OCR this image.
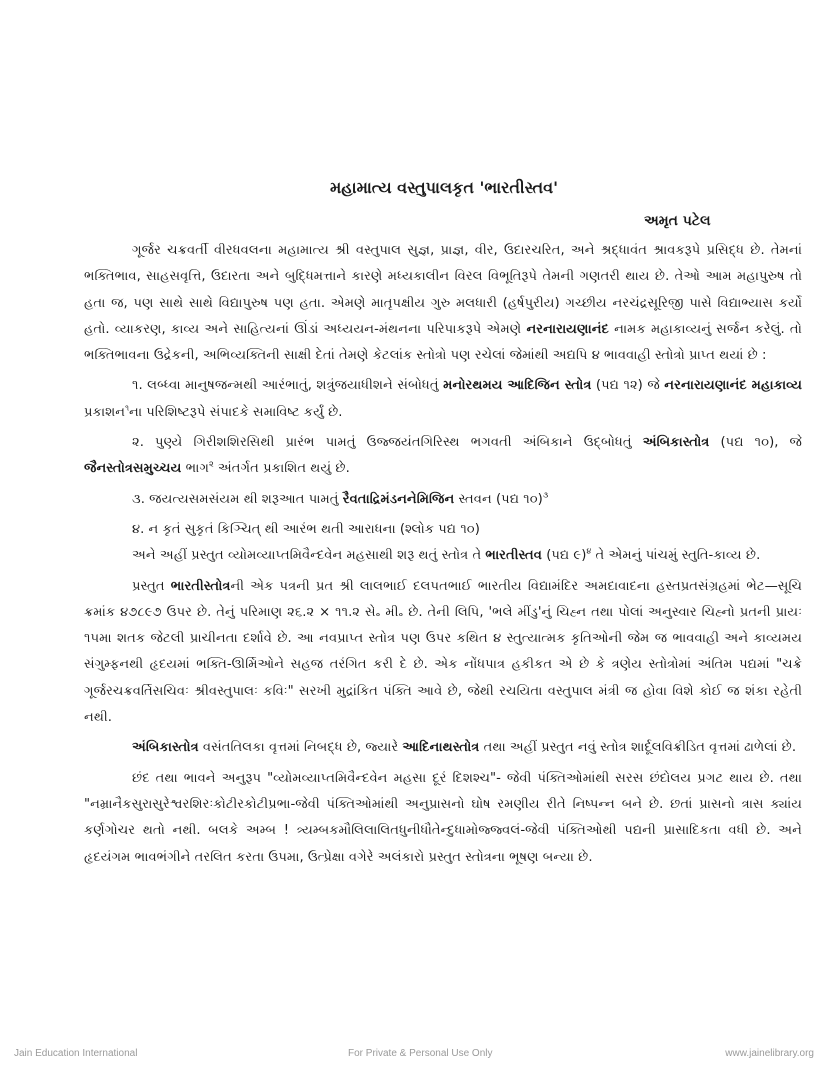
મહામાત્ય વસ્તુપાલકૃત 'ભારતીસ્તવ'
અમૃત પટેલ

ગૂર્જર ચક્રવર્તી વીરધવલના મહામાત્ય શ્રી વસ્તુપાલ સુજ્ઞ, પ્રાજ્ઞ, વીર, ઉદારચરિત, અને શ્રદ્ધાવંત શ્રાવકરૂપે પ્રસિદ્ધ છે. તેમનાં ભક્તિભાવ, સાહસવૃત્તિ, ઉદારતા અને બુદ્ધિમત્તાને કારણે મધ્યકાલીન વિરલ વિભૂતિરૂપે તેમની ગણતરી થાય છે. તેઓ આમ મહાપુરુષ તો હતા જ, પણ સાથે સાથે વિદ્યાપુરુષ પણ હતા. એમણે માતૃપક્ષીય ગુરુ મલધારી (હર્ષપુરીય) ગચ્છીય નરચંદ્રસૂરિજી પાસે વિદ્યાભ્યાસ કર્યો હતો. વ્યાકરણ, કાવ્ય અને સાહિત્યનાં ઊંડાં અધ્યયન-મંથનના પરિપાકરૂપે એમણે નરનારાયણાનંદ નામક મહાકાવ્યનું સર્જન કરેલું. તો ભક્તિભાવના ઉદ્રેકની, અભિવ્યક્તિની સાક્ષી દેતાં તેમણે કેટલાંક સ્તોત્રો પણ રચેલાં જેમાંથી અદ્યપિ ૪ ભાવવાહી સ્તોત્રો પ્રાપ્ત થયાં છે :

૧. લબ્ધ્વા માનુષજન્મથી આરંભાતું, શત્રુંજયાધીશને સંબોધતું મનોરથમય આદિજિન સ્તોત્ર (પદ્ય ૧૨) જે નરનારાયણાનંદ મહાકાવ્ય પ્રકાશન$^૧$ના પરિશિષ્ટરૂપે સંપાદકે સમાવિષ્ટ કર્યું છે.

૨. પુણ્યે ગિરીશશિરસિથી પ્રારંભ પામતું ઉજ્જયંતગિરિસ્થ ભગવતી અંબિકાને ઉદ્બોધતું અંબિકાસ્તોત્ર (પદ્ય ૧૦), જે જૈનસ્તોત્રસમુચ્ચય ભાગ$^૨$ અંતર્ગત પ્રકાશિત થયું છે.

૩. જયત્યસમસંયમ થી શરૂઆત પામતું રૈવતાદ્રિમંડનનેમિજિન સ્તવન (પદ્ય ૧૦)$^૩$

૪. ન કૃતં સુકૃતં કિઞ્ચિત્ થી આરંભ થતી આરાધના (શ્લોક પદ્ય ૧૦)

અને અહીં પ્રસ્તુત વ્યોમવ્યાપ્તમિવૈન્દવેન મહસાથી શરૂ થતું સ્તોત્ર તે ભારતીસ્તવ (પદ્ય ૯)$^૪$ તે એમનું પાંચમું સ્તુતિ-કાવ્ય છે.

પ્રસ્તુત ભારતીસ્તોત્રની એક પત્રની પ્રત શ્રી લાલભાઈ દલપતભાઈ ભારતીય વિદ્યામંદિર અમદાવાદના હસ્તપ્રતસંગ્રહમાં ભેટ—સૂચિ ક્રમાંક ૪૭૮૯૭ ઉપર છે. તેનું પરિમાણ ૨૬.૨ × ૧૧.૨ સે૰ મી૰ છે. તેની લિપિ, 'ભલે મીંડુ'નું ચિહ્ન તથા પોલાં અનુસ્વાર ચિહ્નો પ્રતની પ્રાયઃ ૧૫મા શતક જેટલી પ્રાચીનતા દર્શાવે છે. આ નવપ્રાપ્ત સ્તોત્ર પણ ઉપર કથિત ૪ સ્તુત્યાત્મક કૃતિઓની જેમ જ ભાવવાહી અને કાવ્યમય સંગુમ્ફનથી હૃદયમાં ભક્તિ-ઊર્મિઓને સહજ તરંગિત કરી દે છે. એક નોંધપાત્ર હકીકત એ છે કે ત્રણેય સ્તોત્રોમાં અંતિમ પદ્યમાં "ચક્રે ગૂર્જરચક્રવર્તિસચિવઃ શ્રીવસ્તુપાલઃ કવિઃ" સરખી મુદ્રાંકિત પંક્તિ આવે છે, જેથી રચયિતા વસ્તુપાલ મંત્રી જ હોવા વિશે કોઈ જ શંકા રહેતી નથી.

અંબિકાસ્તોત્ર વસંતતિલકા વૃત્તમાં નિબદ્ધ છે, જ્યારે આદિનાથસ્તોત્ર તથા અહીં પ્રસ્તુત નવું સ્તોત્ર શાર્દૂલવિક્રીડિત વૃત્તમાં ઢાળેલાં છે.

છંદ તથા ભાવને અનુરૂપ "વ્યોમવ્યાપ્તમિવૈન્દવેન મહસા દૂરં દિશશ્ચ"- જેવી પંક્તિઓમાંથી સરસ છંદોલય પ્રગટ થાય છે. તથા "નમ્રાનૈકસુરાસુરેશ્વરશિરઃકોટીરકોટીપ્રભા-જેવી પંક્તિઓમાંથી અનુપ્રાસનો ઘોષ રમણીય રીતે નિષ્પન્ન બને છે. છતાં પ્રાસનો ત્રાસ ક્યાંય કર્ણગોચર થતો નથી. બલકે અમ્બ ! ત્ર્યમ્બકમૌલિલાલિતધુનીધૌતેન્દુધામોજ્જ્વલં-જેવી પંક્તિઓથી પદ્યની પ્રાસાદિકતા વધી છે. અને હૃદયંગમ ભાવભંગીને તરલિત કરતા ઉપમા, ઉત્પ્રેક્ષા વગેરે અલંકારો પ્રસ્તુત સ્તોત્રના ભૂષણ બન્યા છે.

Jain Education International	For Private & Personal Use Only	www.jainelibrary.org
